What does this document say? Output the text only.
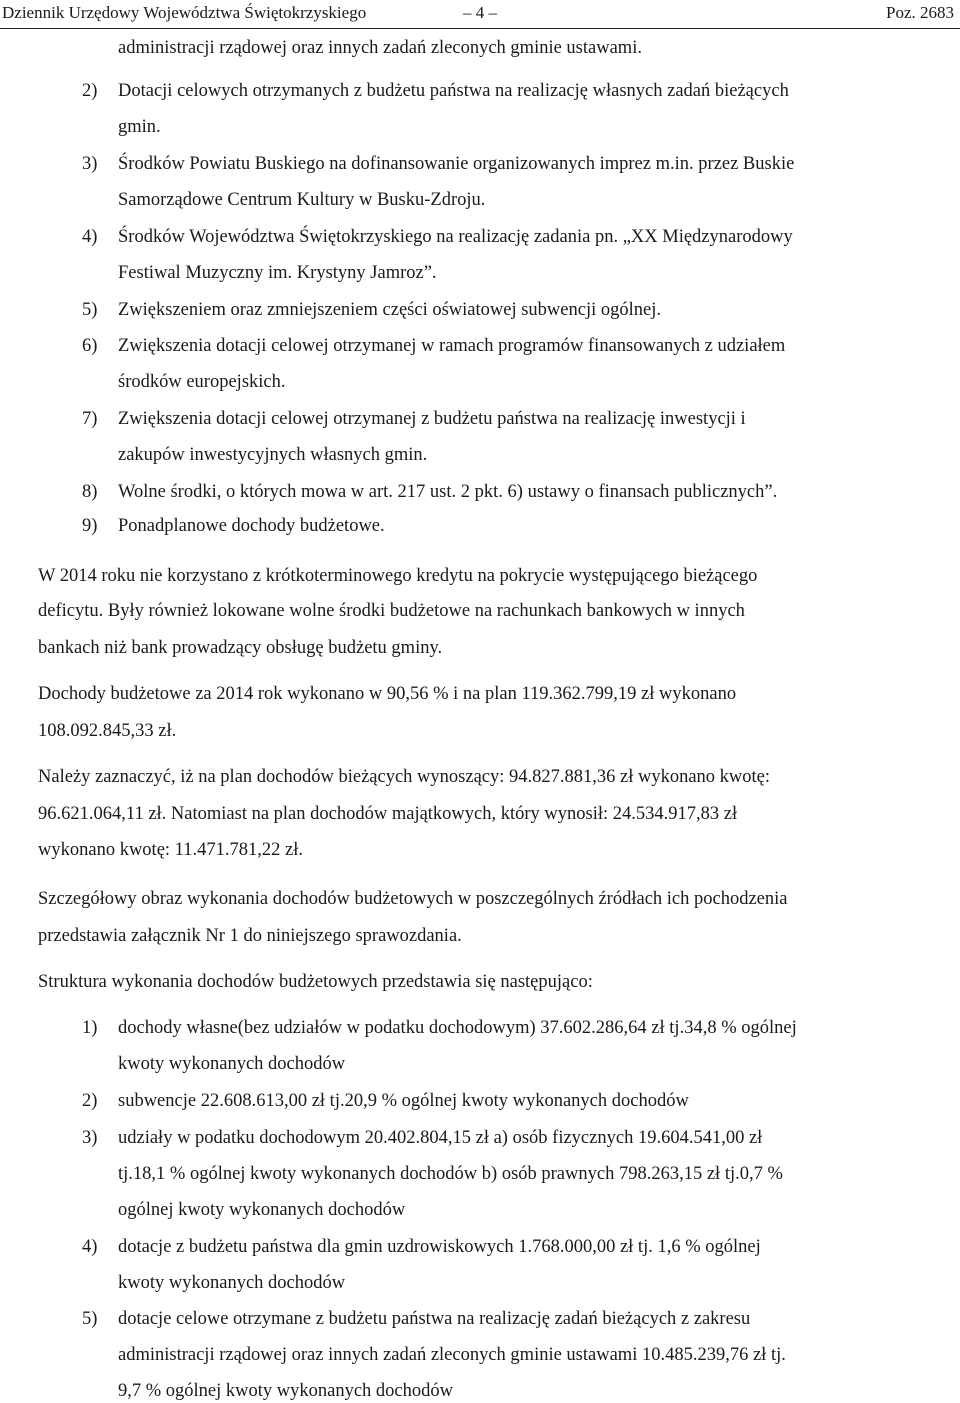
Dziennik Urzędowy Województwa Świętokrzyskiego	– 4 –	Poz. 2683
administracji rządowej oraz innych zadań zleconych gminie ustawami.
2) Dotacji celowych otrzymanych z budżetu państwa na realizację własnych zadań bieżących
gmin.
3) Środków Powiatu Buskiego na dofinansowanie organizowanych imprez m.in. przez Buskie
Samorządowe Centrum Kultury w Busku-Zdroju.
4) Środków Województwa Świętokrzyskiego na realizację zadania pn. „XX Międzynarodowy
Festiwal Muzyczny im. Krystyny Jamroz”.
5) Zwiększeniem oraz zmniejszeniem części oświatowej subwencji ogólnej.
6) Zwiększenia dotacji celowej otrzymanej w ramach programów finansowanych z udziałem
środków europejskich.
7) Zwiększenia dotacji celowej otrzymanej z budżetu państwa na realizację inwestycji i
zakupów inwestycyjnych własnych gmin.
8) Wolne środki, o których mowa w art. 217 ust. 2 pkt. 6) ustawy o finansach publicznych”.
9) Ponadplanowe dochody budżetowe.
W 2014 roku nie korzystano z krótkoterminowego kredytu na pokrycie występującego bieżącego
deficytu. Były również lokowane wolne środki budżetowe na rachunkach bankowych w innych
bankach niż bank prowadzący obsługę budżetu gminy.
Dochody budżetowe za 2014 rok wykonano w 90,56 % i na plan 119.362.799,19 zł wykonano
108.092.845,33 zł.
Należy zaznaczyć, iż na plan dochodów bieżących wynoszący: 94.827.881,36 zł wykonano kwotę:
96.621.064,11 zł. Natomiast na plan dochodów majątkowych, który wynosił: 24.534.917,83 zł
wykonano kwotę: 11.471.781,22 zł.
Szczegółowy obraz wykonania dochodów budżetowych w poszczególnych źródłach ich pochodzenia
przedstawia załącznik Nr 1 do niniejszego sprawozdania.
Struktura wykonania dochodów budżetowych przedstawia się następująco:
1) dochody własne(bez udziałów w podatku dochodowym) 37.602.286,64 zł tj.34,8 % ogólnej
kwoty wykonanych dochodów
2) subwencje 22.608.613,00 zł tj.20,9 % ogólnej kwoty wykonanych dochodów
3) udziały w podatku dochodowym 20.402.804,15 zł a) osób fizycznych 19.604.541,00 zł
tj.18,1 % ogólnej kwoty wykonanych dochodów b) osób prawnych 798.263,15 zł tj.0,7 %
ogólnej kwoty wykonanych dochodów
4) dotacje z budżetu państwa dla gmin uzdrowiskowych 1.768.000,00 zł tj. 1,6 % ogólnej
kwoty wykonanych dochodów
5) dotacje celowe otrzymane z budżetu państwa na realizację zadań bieżących z zakresu
administracji rządowej oraz innych zadań zleconych gminie ustawami 10.485.239,76 zł tj.
9,7 % ogólnej kwoty wykonanych dochodów
